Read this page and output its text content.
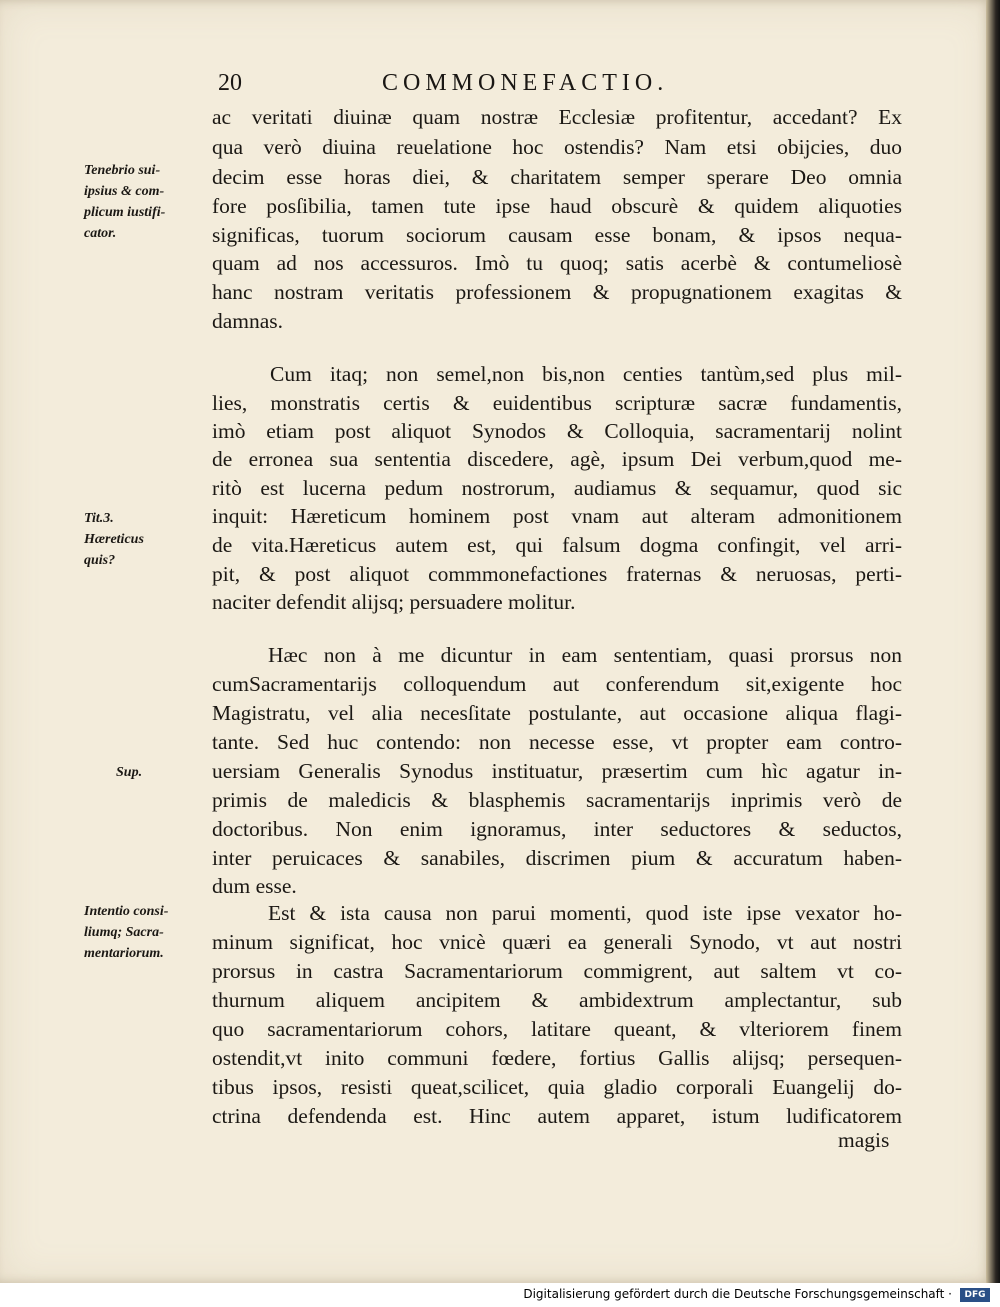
20	COMMONEFACTIO.

ac veritati diuinæ quam nostræ Ecclesiæ profitentur, accedant? Ex

qua verò diuina reuelatione hoc ostendis? Nam etsi obĳcies, duo

decim esse horas diei, & charitatem semper sperare Deo omnia

fore posſibilia, tamen tute ipse haud obscurè & quidem aliquoties

significas, tuorum sociorum causam esse bonam, & ipsos nequa-

quam ad nos accessuros. Imò tu quoq; satis acerbè & contumeliosè

hanc nostram veritatis professionem & propugnationem exagitas &

damnas.

Cum itaq; non semel,non bis,non centies tantùm,sed plus mil-

lies, monstratis certis & euidentibus scripturæ sacræ fundamentis,

imò etiam post aliquot Synodos & Colloquia, sacramentarĳ nolint

de erronea sua sententia discedere, agè, ipsum Dei verbum,quod me-

ritò est lucerna pedum nostrorum, audiamus & sequamur, quod sic

inquit: Hæreticum hominem post vnam aut alteram admonitionem

de vita.Hæreticus autem est, qui falsum dogma confingit, vel arri-

pit, & post aliquot commmonefactiones fraternas & neruosas, perti-

naciter defendit alĳsq; persuadere molitur.

Hæc non à me dicuntur in eam sententiam, quasi prorsus non

cumSacramentarĳs colloquendum aut conferendum sit,exigente hoc

Magistratu, vel alia necesſitate postulante, aut occasione aliqua flagi-

tante. Sed huc contendo: non necesse esse, vt propter eam contro-

uersiam Generalis Synodus instituatur, præsertim cum hìc agatur in-

primis de maledicis & blasphemis sacramentarĳs inprimis verò de

doctoribus. Non enim ignoramus, inter seductores & seductos,

inter peruicaces & sanabiles, discrimen pium & accuratum haben-

dum esse.

Est & ista causa non parui momenti, quod iste ipse vexator ho-

minum significat, hoc vnicè quæri ea generali Synodo, vt aut nostri

prorsus in castra Sacramentariorum commigrent, aut saltem vt co-

thurnum aliquem ancipitem & ambidextrum amplectantur, sub

quo sacramentariorum cohors, latitare queant, & vlteriorem finem

ostendit,vt inito communi fœdere, fortius Gallis alĳsq; persequen-

tibus ipsos, resisti queat,scilicet, quia gladio corporali Euangelĳ do-

ctrina defendenda est. Hinc autem apparet, istum ludificatorem

magis
Tenebrio sui-
ipsius & com-
plicum iustifi-
cator.
Tit.3.
Hæreticus
quis?
Sup.
Intentio consi-
liumq; Sacra-
mentariorum.
Digitalisierung gefördert durch die Deutsche Forschungsgemeinschaft ·	DFG
